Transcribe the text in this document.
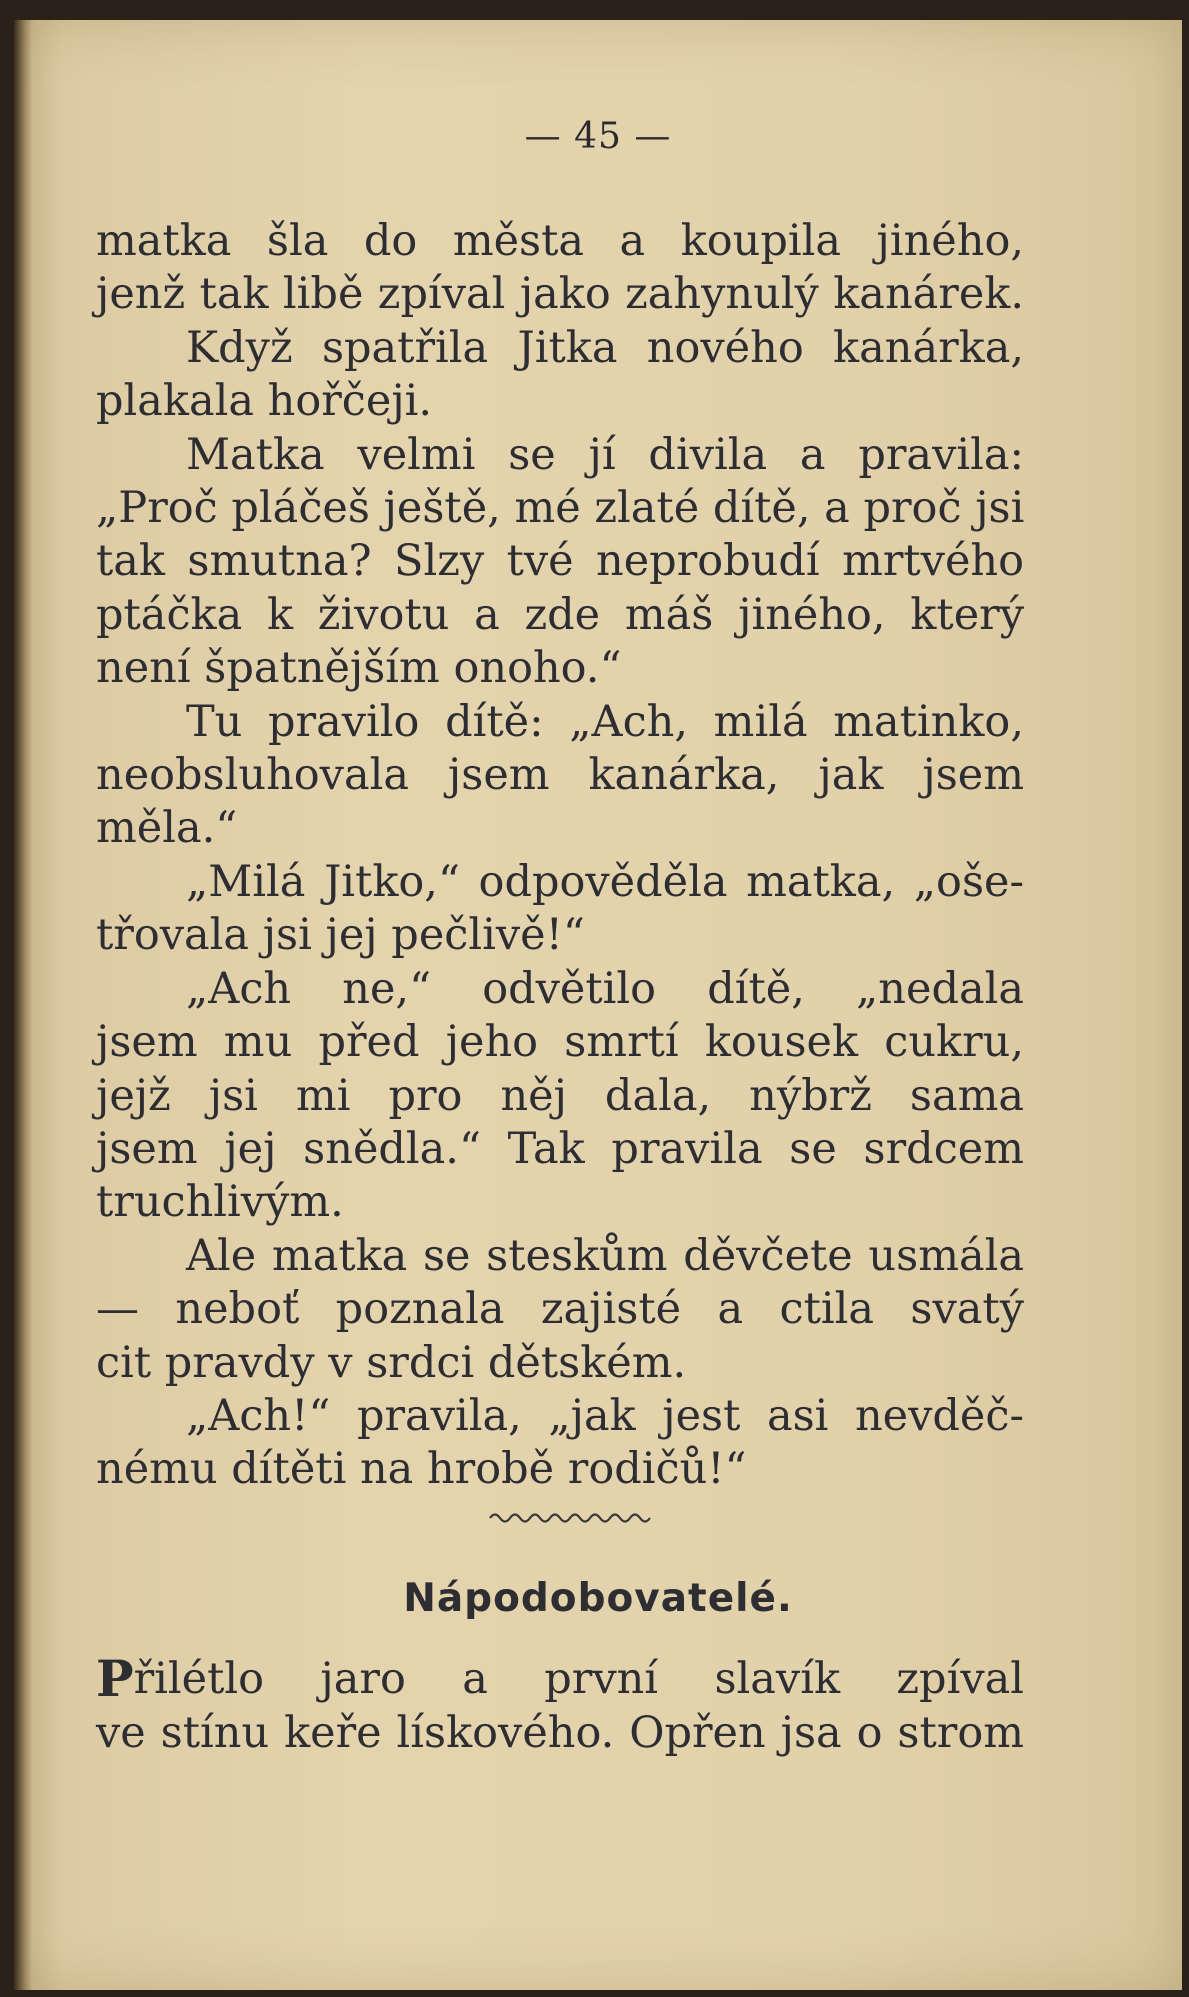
— 45 —
matka šla do města a koupila jiného,
jenž tak libě zpíval jako zahynulý kanárek.
Když spatřila Jitka nového kanárka,
plakala hořčeji.
Matka velmi se jí divila a pravila:
„Proč pláčeš ještě, mé zlaté dítě, a proč jsi
tak smutna? Slzy tvé neprobudí mrtvého
ptáčka k životu a zde máš jiného, který
není špatnějším onoho.“
Tu pravilo dítě: „Ach, milá matinko,
neobsluhovala jsem kanárka, jak jsem
měla.“
„Milá Jitko,“ odpověděla matka, „oše-
třovala jsi jej pečlivě!“
„Ach ne,“ odvětilo dítě, „nedala
jsem mu před jeho smrtí kousek cukru,
jejž jsi mi pro něj dala, nýbrž sama
jsem jej snědla.“ Tak pravila se srdcem
truchlivým.
Ale matka se steskům děvčete usmála
— neboť poznala zajisté a ctila svatý
cit pravdy v srdci dětském.
„Ach!“ pravila, „jak jest asi nevděč-
nému dítěti na hrobě rodičů!“
Nápodobovatelé.
Přilétlo jaro a první slavík zpíval
ve stínu keře lískového. Opřen jsa o strom
